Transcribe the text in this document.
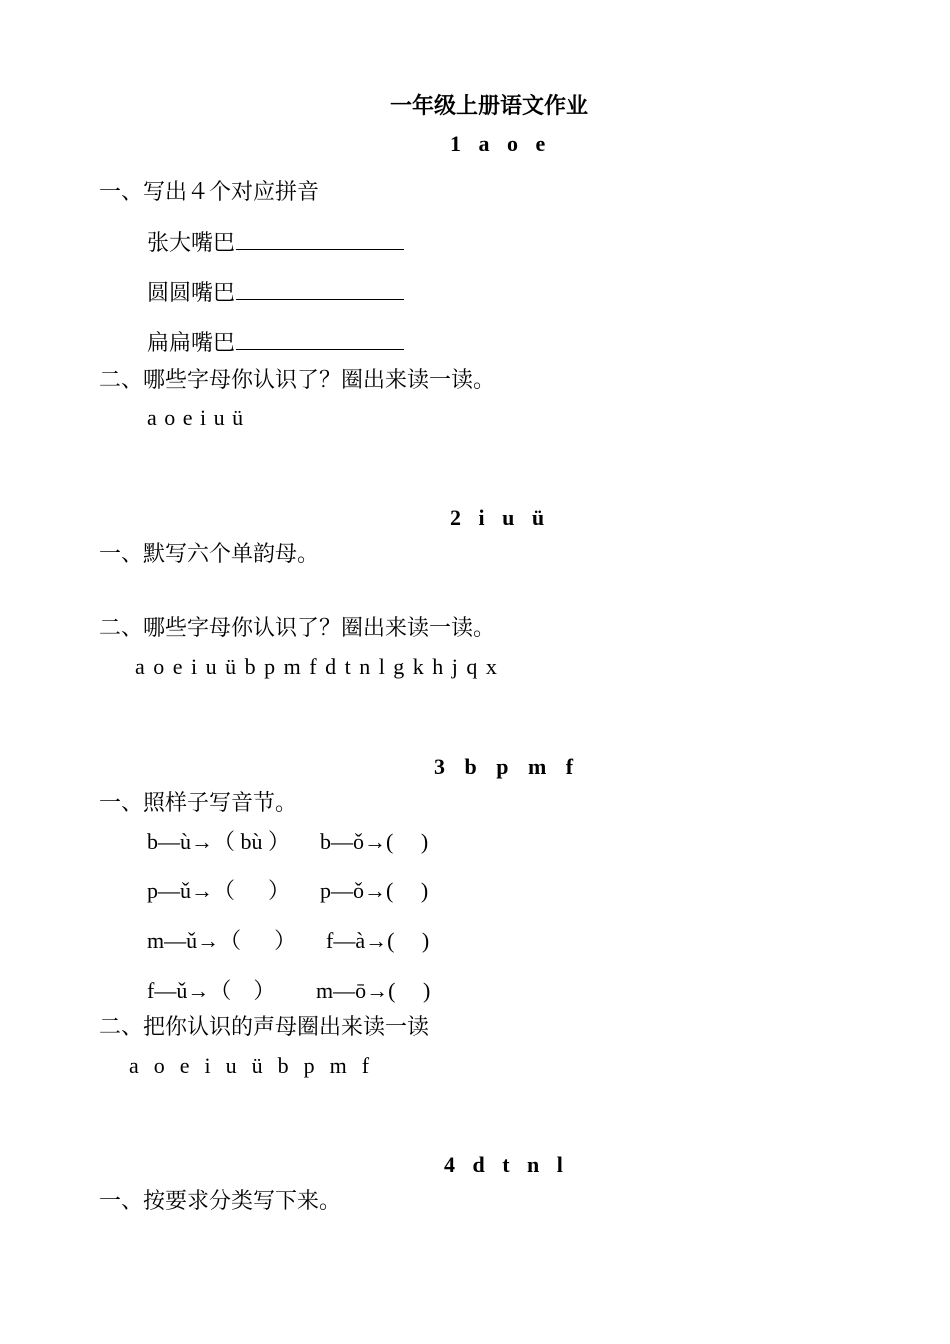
一年级上册语文作业
1 a o e
一、写出４个对应拼音
张大嘴巴
圆圆嘴巴
扁扁嘴巴
二、哪些字母你认识了？圈出来读一读。
a o e i u ü
2 i u ü
一、默写六个单韵母。
二、哪些字母你认识了？圈出来读一读。
a o e i u ü b p m f d t n l g k h j q x
3 b p m f
一、照样子写音节。
b—ù→（ bù ） b—ǒ→(     )
p—ǔ→（      ） p—ǒ→(     )
m—ǔ→（      ） f—à→(     )
f—ǔ→（    ） m—ō→(     )
二、把你认识的声母圈出来读一读
a  o  e  i  u  ü  b  p  m  f
4 d t n l
一、按要求分类写下来。
